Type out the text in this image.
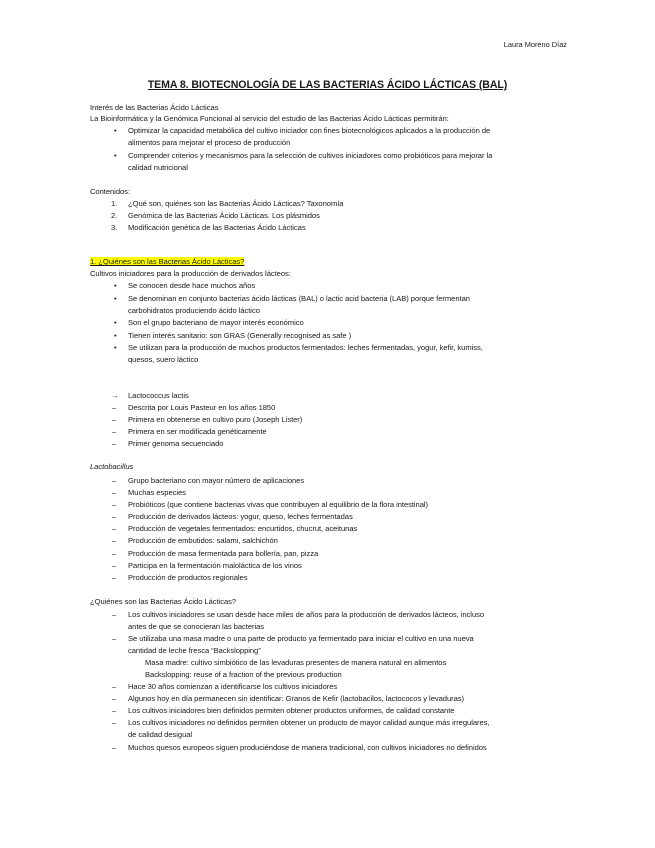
Laura Moreno Díaz
TEMA 8. BIOTECNOLOGÍA DE LAS BACTERIAS ÁCIDO LÁCTICAS (BAL)
Interés de las Bacterias Ácido Lácticas
La Bioinformática y la Genómica Funcional al servicio del estudio de las Bacterias Ácido Lácticas permitirán:
• Optimizar la capacidad metabólica del cultivo iniciador con fines biotecnológicos aplicados a la producción de
alimentos para mejorar el proceso de producción
• Comprender criterios y mecanismos para la selección de cultivos iniciadores como probióticos para mejorar la
calidad nutricional
Contenidos:
1. ¿Qué son, quiénes son las Bacterias Ácido Lácticas? Taxonomía
2. Genómica de las Bacterias Ácido Lácticas. Los plásmidos
3. Modificación genética de las Bacterias Ácido Lácticas
1. ¿Quiénes son las Bacterias Ácido Lácticas?
Cultivos iniciadores para la producción de derivados lácteos:
• Se conocen desde hace muchos años
• Se denominan en conjunto bacterias ácido lácticas (BAL) o lactic acid bacteria (LAB) porque fermentan
carbohidratos produciendo ácido láctico
• Son el grupo bacteriano de mayor interés económico
• Tienen interés sanitario: son GRAS (Generally recognised as safe )
• Se utilizan para la producción de muchos productos fermentados: leches fermentadas, yogur, kefir, kumiss,
quesos, suero láctico
→ Lactococcus lactis
– Descrita por Louis Pasteur en los años 1850
– Primera en obtenerse en cultivo puro (Joseph Lister)
– Primera en ser modificada genéticamente
– Primer genoma secuenciado
Lactobacillus
– Grupo bacteriano con mayor número de aplicaciones
– Muchas especies
– Probióticos (que contiene bacterias vivas que contribuyen al equilibrio de la flora intestinal)
– Producción de derivados lácteos: yogur, queso, leches fermentadas
– Producción de vegetales fermentados: encurtidos, chucrut, aceitunas
– Producción de embutidos: salami, salchichón
– Producción de masa fermentada para bollería, pan, pizza
– Participa en la fermentación maloláctica de los vinos
– Producción de productos regionales
¿Quiénes son las Bacterias Ácido Lácticas?
– Los cultivos iniciadores se usan desde hace miles de años para la producción de derivados lácteos, incluso
antes de que se conocieran las bacterias
– Se utilizaba una masa madre o una parte de producto ya fermentado para iniciar el cultivo en una nueva
cantidad de leche fresca “Backslopping”
Masa madre: cultivo simbiótico de las levaduras presentes de manera natural en alimentos
Backslopping: reuse of a fraction of the previous production
– Hace 30 años comienzan a identificarse los cultivos iniciadores
– Algunos hoy en día permanecen sin identificar: Granos de Kefir (lactobacilos, lactococos y levaduras)
– Los cultivos iniciadores bien definidos permiten obtener productos uniformes, de calidad constante
– Los cultivos iniciadores no definidos permiten obtener un producto de mayor calidad aunque más irregulares,
de calidad desigual
– Muchos quesos europeos siguen produciéndose de manera tradicional, con cultivos iniciadores no definidos
